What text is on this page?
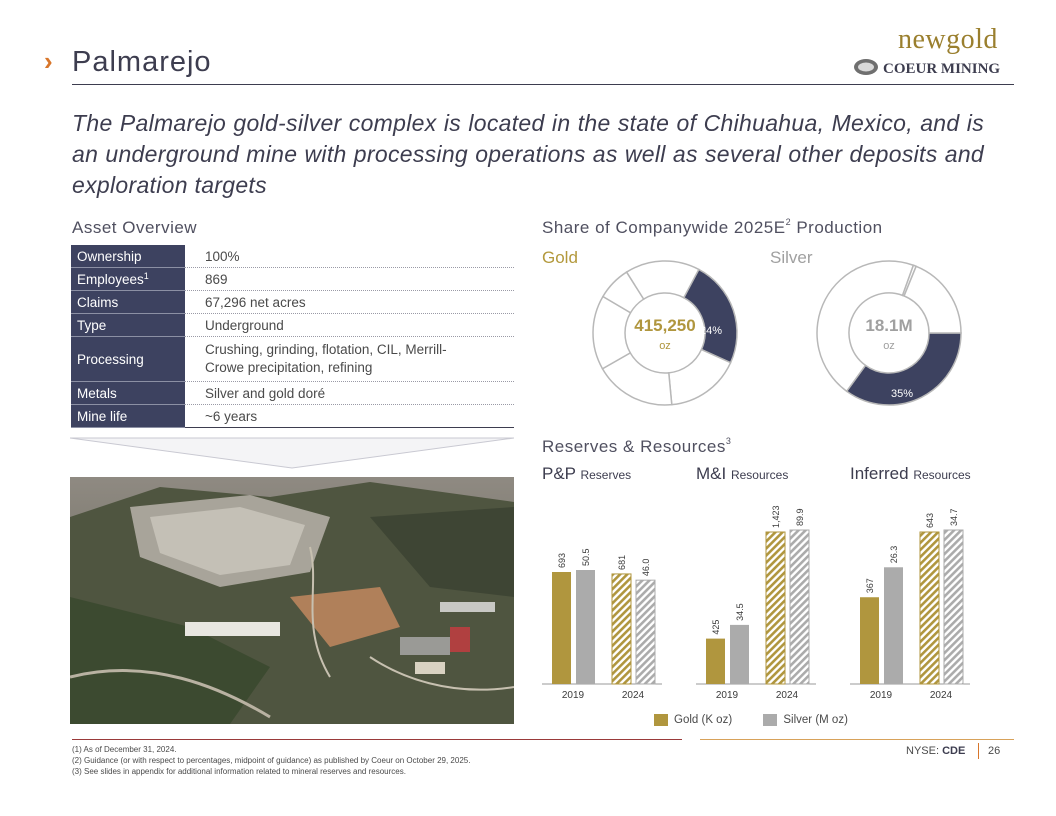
› Palmarejo
newgold
COEUR MINING
The Palmarejo gold-silver complex is located in the state of Chihuahua, Mexico, and is an underground mine with processing operations as well as several other deposits and exploration targets
Asset Overview
Ownership	100%
Employees$^1$	869
Claims	67,296 net acres
Type	Underground
Processing	Crushing, grinding, flotation, CIL, Merrill-Crowe precipitation, refining
Metals	Silver and gold doré
Mine life	~6 years
Share of Companywide $2025E^2$ Production
Gold	Silver
415,250
oz
24%	18.1M
oz
35%
Reserves & Resources$^3$
P&P Reserves	M&I Resources	Inferred Resources
693 50.5
2019
681 46.0
2024
425
34.5
2019
1,423 89.9
2024
367
26.3
2019
643 34.7
2024
Gold (K oz)	Silver (M oz)
(1) As of December 31, 2024.
(2) Guidance (or with respect to percentages, midpoint of guidance) as published by Coeur on October 29, 2025.
(3) See slides in appendix for additional information related to mineral reserves and resources.
NYSE: CDE 26
